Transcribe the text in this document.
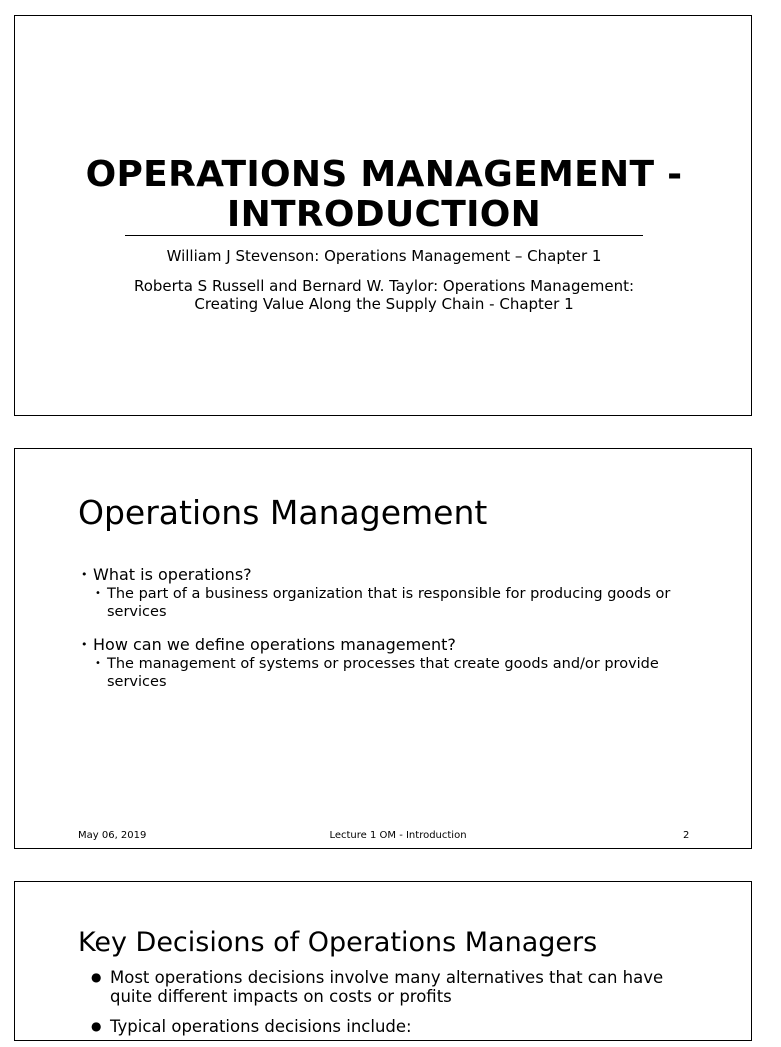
OPERATIONS MANAGEMENT - INTRODUCTION
William J Stevenson: Operations Management – Chapter 1
Roberta S Russell and Bernard W. Taylor: Operations Management: Creating Value Along the Supply Chain - Chapter 1
Operations Management
• What is operations?
• The part of a business organization that is responsible for producing goods or services
• How can we define operations management?
• The management of systems or processes that create goods and/or provide services
May 06, 2019	Lecture 1 OM - Introduction	2
Key Decisions of Operations Managers
● Most operations decisions involve many alternatives that can have quite different impacts on costs or profits
● Typical operations decisions include:
